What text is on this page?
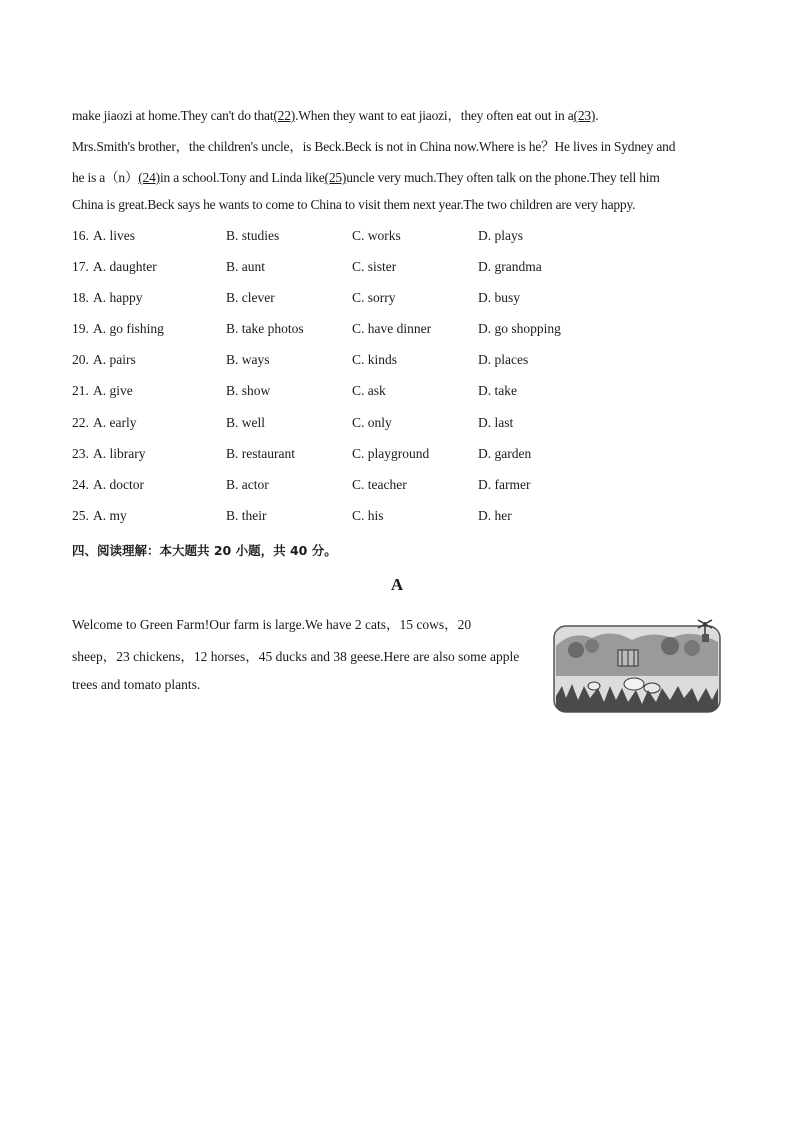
make jiaozi at home.They can't do that(22).When they want to eat jiaozi，they often eat out in a(23).
Mrs.Smith's brother，the children's uncle，is Beck.Beck is not in China now.Where is he？He lives in Sydney and
he is a（n）(24)in a school.Tony and Linda like(25)uncle very much.They often talk on the phone.They tell him
China is great.Beck says he wants to come to China to visit them next year.The two children are very happy.
16. A. lives	B. studies	C. works	D. plays
17. A. daughter	B. aunt	C. sister	D. grandma
18. A. happy	B. clever	C. sorry	D. busy
19. A. go fishing	B. take photos	C. have dinner	D. go shopping
20. A. pairs	B. ways	C. kinds	D. places
21. A. give	B. show	C. ask	D. take
22. A. early	B. well	C. only	D. last
23. A. library	B. restaurant	C. playground	D. garden
24. A. doctor	B. actor	C. teacher	D. farmer
25. A. my	B. their	C. his	D. her
四、阅读理解：本大题共 20 小题，共 40 分。
A
Welcome to Green Farm!Our farm is large.We have 2 cats，15 cows，20
sheep，23 chickens，12 horses，45 ducks and 38 geese.Here are also some apple
trees and tomato plants.
